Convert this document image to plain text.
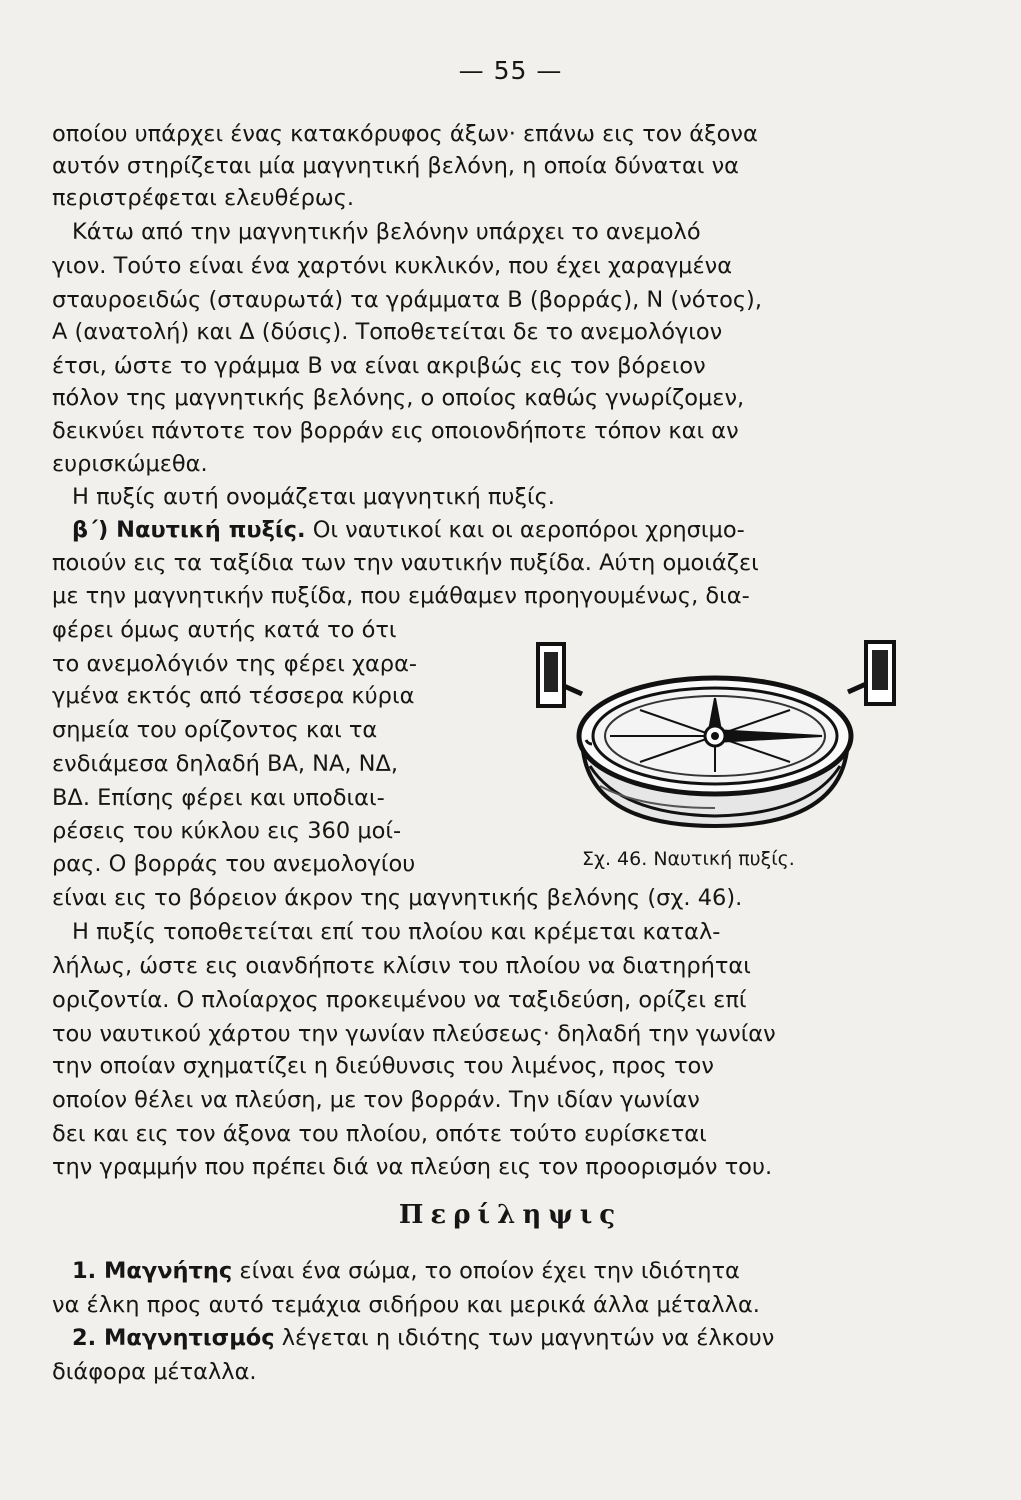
— 55 —
οποίου υπάρχει ένας κατακόρυφος άξων· επάνω εις τον άξονα
αυτόν στηρίζεται μία μαγνητική βελόνη, η οποία δύναται να
περιστρέφεται ελευθέρως.
Κάτω από την μαγνητικήν βελόνην υπάρχει το ανεμολό
γιον. Τούτο είναι ένα χαρτόνι κυκλικόν, που έχει χαραγμένα
σταυροειδώς (σταυρωτά) τα γράμματα Β (βορράς), Ν (νότος),
Α (ανατολή) και Δ (δύσις). Τοποθετείται δε το ανεμολόγιον
έτσι, ώστε το γράμμα Β να είναι ακριβώς εις τον βόρειον
πόλον της μαγνητικής βελόνης, ο οποίος καθώς γνωρίζομεν,
δεικνύει πάντοτε τον βορράν εις οποιονδήποτε τόπον και αν
ευρισκώμεθα.
Η πυξίς αυτή ονομάζεται μαγνητική πυξίς.
β΄) Ναυτική πυξίς. Οι ναυτικοί και οι αεροπόροι χρησιμο-
ποιούν εις τα ταξίδια των την ναυτικήν πυξίδα. Αύτη ομοιάζει
με την μαγνητικήν πυξίδα, που εμάθαμεν προηγουμένως, δια-
φέρει όμως αυτής κατά το ότι
το ανεμολόγιόν της φέρει χαρα-
γμένα εκτός από τέσσερα κύρια
σημεία του ορίζοντος και τα
ενδιάμεσα δηλαδή ΒΑ, ΝΑ, ΝΔ,
ΒΔ. Επίσης φέρει και υποδιαι-
ρέσεις του κύκλου εις 360 μοί-
ρας. Ο βορράς του ανεμολογίου	Σχ. 46. Ναυτική πυξίς.
είναι εις το βόρειον άκρον της μαγνητικής βελόνης (σχ. 46).
Η πυξίς τοποθετείται επί του πλοίου και κρέμεται καταλ-
λήλως, ώστε εις οιανδήποτε κλίσιν του πλοίου να διατηρήται
οριζοντία. Ο πλοίαρχος προκειμένου να ταξιδεύση, ορίζει επί
του ναυτικού χάρτου την γωνίαν πλεύσεως· δηλαδή την γωνίαν
την οποίαν σχηματίζει η διεύθυνσις του λιμένος, προς τον
οποίον θέλει να πλεύση, με τον βορράν. Την ιδίαν γωνίαν
δει και εις τον άξονα του πλοίου, οπότε τούτο ευρίσκεται
την γραμμήν που πρέπει διά να πλεύση εις τον προορισμόν του.
Περίληψις
1. Μαγνήτης είναι ένα σώμα, το οποίον έχει την ιδιότητα
να έλκη προς αυτό τεμάχια σιδήρου και μερικά άλλα μέταλλα.
2. Μαγνητισμός λέγεται η ιδιότης των μαγνητών να έλκουν
διάφορα μέταλλα.
